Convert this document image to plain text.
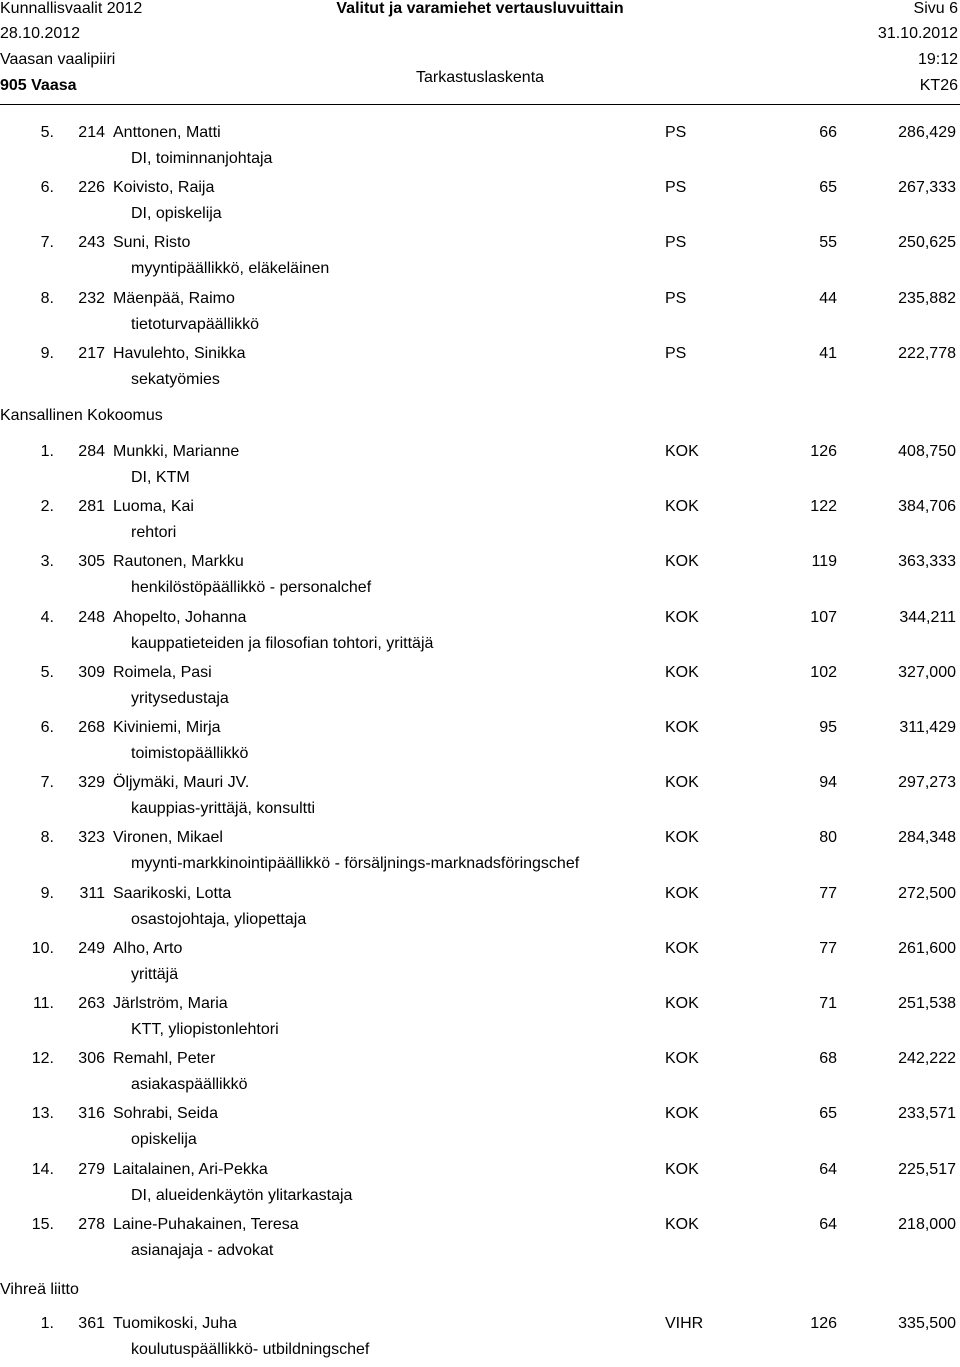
Kunnallisvaalit 2012
28.10.2012
Vaasan vaalipiiri
905 Vaasa
Valitut ja varamiehet vertausluvuittain
Tarkastuslaskenta
Sivu 6
31.10.2012
19:12
KT26
5.	214 Anttonen, Matti	PS	66	286,429
DI, toiminnanjohtaja
6.	226 Koivisto, Raija	PS	65	267,333
DI, opiskelija
7.	243 Suni, Risto	PS	55	250,625
myyntipäällikkö, eläkeläinen
8.	232 Mäenpää, Raimo	PS	44	235,882
tietoturvapäällikkö
9.	217 Havulehto, Sinikka	PS	41	222,778
sekatyömies
Kansallinen Kokoomus
1.	284 Munkki, Marianne	KOK	126	408,750
DI, KTM
2.	281 Luoma, Kai	KOK	122	384,706
rehtori
3.	305 Rautonen, Markku	KOK	119	363,333
henkilöstöpäällikkö - personalchef
4.	248 Ahopelto, Johanna	KOK	107	344,211
kauppatieteiden ja filosofian tohtori, yrittäjä
5.	309 Roimela, Pasi	KOK	102	327,000
yritysedustaja
6.	268 Kiviniemi, Mirja	KOK	95	311,429
toimistopäällikkö
7.	329 Öljymäki, Mauri JV.	KOK	94	297,273
kauppias-yrittäjä, konsultti
8.	323 Vironen, Mikael	KOK	80	284,348
myynti-markkinointipäällikkö - försäljnings-marknadsföringschef
9.	311 Saarikoski, Lotta	KOK	77	272,500
osastojohtaja, yliopettaja
10.	249 Alho, Arto	KOK	77	261,600
yrittäjä
11.	263 Järlström, Maria	KOK	71	251,538
KTT, yliopistonlehtori
12.	306 Remahl, Peter	KOK	68	242,222
asiakaspäällikkö
13.	316 Sohrabi, Seida	KOK	65	233,571
opiskelija
14.	279 Laitalainen, Ari-Pekka	KOK	64	225,517
DI, alueidenkäytön ylitarkastaja
15.	278 Laine-Puhakainen, Teresa	KOK	64	218,000
asianajaja - advokat
Vihreä liitto
1.	361 Tuomikoski, Juha	VIHR	126	335,500
koulutuspäällikkö- utbildningschef
